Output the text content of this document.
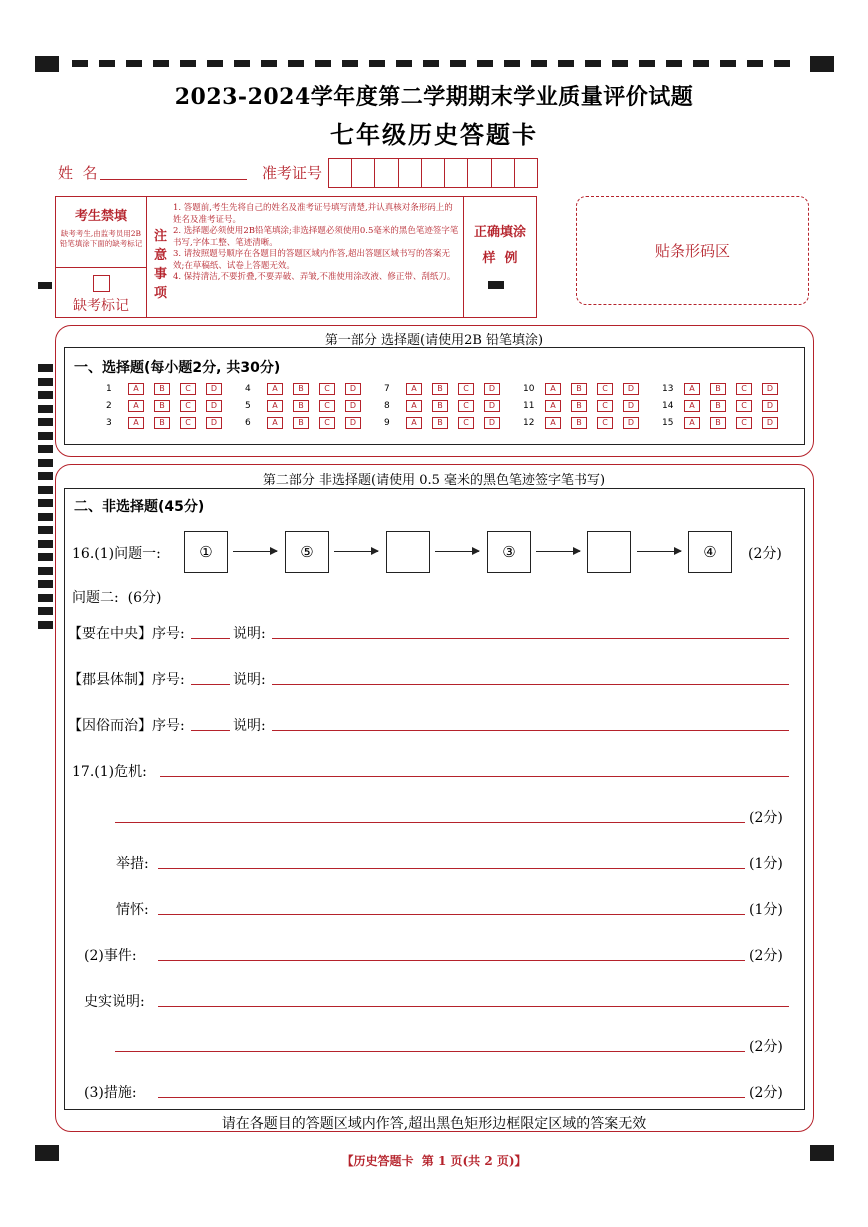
2023-2024学年度第二学期期末学业质量评价试题
七年级历史答题卡
姓  名	准考证号
考生禁填
缺考考生,由监考员用2B铅笔填涂下面的缺考标记
缺考标记
注意事项
1. 答题前,考生先将自己的姓名及准考证号填写清楚,并认真核对条形码上的姓名及准考证号。
2. 选择题必须使用2B铅笔填涂;非选择题必须使用0.5毫米的黑色笔迹签字笔书写,字体工整、笔迹清晰。
3. 请按照题号顺序在各题目的答题区域内作答,超出答题区域书写的答案无效;在草稿纸、试卷上答题无效。
4. 保持清洁,不要折叠,不要弄破、弄皱,不准使用涂改液、修正带、刮纸刀。
正确填涂
样  例	贴条形码区
第一部分 选择题(请使用2B 铅笔填涂)
一、选择题(每小题2分, 共30分)
第二部分 非选择题(请使用 0.5 毫米的黑色笔迹签字笔书写)
二、非选择题(45分)
16.(1)问题一:	①	⑤	③	④	(2分)
问题二:  (6分)
【要在中央】 序号:	说明:
【郡县体制】 序号:	说明:
【因俗而治】 序号:	说明:
17.(1)危机:
(2分)
举措:	(1分)
情怀:	(1分)
(2)事件:	(2分)
史实说明:
(2分)
(3)措施:	(2分)
请在各题目的答题区域内作答,超出黑色矩形边框限定区域的答案无效
【历史答题卡  第 1 页(共 2 页)】
1	A	B	C	D	4	A	B	C	D	7	A	B	C	D	10 A	B	C	D	13 A	B	C	D
2	A	B	C	D	5	A	B	C	D	8	A	B	C	D	11 A	B	C	D	14 A	B	C	D
3	A	B	C	D	6	A	B	C	D	9	A	B	C	D	12 A	B	C	D	15 A	B	C	D
